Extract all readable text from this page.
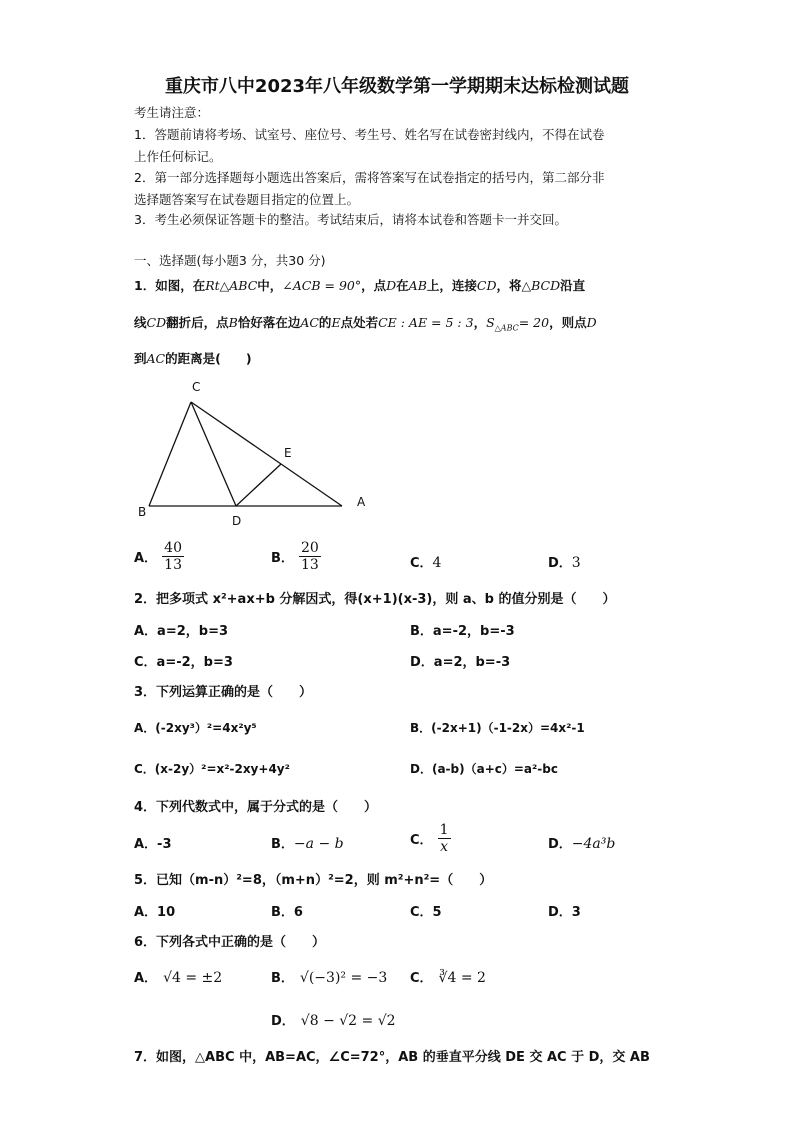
重庆市八中2023年八年级数学第一学期期末达标检测试题
考生请注意：
1．答题前请将考场、试室号、座位号、考生号、姓名写在试卷密封线内，不得在试卷
上作任何标记。
2．第一部分选择题每小题选出答案后，需将答案写在试卷指定的括号内，第二部分非
选择题答案写在试卷题目指定的位置上。
3．考生必须保证答题卡的整洁。考试结束后，请将本试卷和答题卡一并交回。
一、选择题(每小题3 分，共30 分)
1．如图，在Rt△ABC中，∠ACB = 90°，点D在AB上，连接CD，将△BCD沿直
线CD翻折后，点B恰好落在边AC的E点处若CE : AE = 5 : 3，$S_{\triangle ABC}= 20$，则点D
到AC的距离是(　　)
C
E
B
D
A
A． $\frac{40}{13}$	B． $\frac{20}{13}$	C．4	D．3
2．把多项式 x²+ax+b 分解因式，得(x+1)(x-3)，则 a、b 的值分别是（　　）
A．a=2，b=3	B．a=-2，b=-3
C．a=-2，b=3	D．a=2，b=-3
3．下列运算正确的是（　　）
A．(-2xy³）²=4x²y⁵	B．(-2x+1)（-1-2x）=4x²-1
C．(x-2y）²=x²-2xy+4y²	D．(a-b)（a+c）=a²-bc
4．下列代数式中，属于分式的是（　　）
A．-3	B．−a − b	C． $\frac{1}{x}$	D．−4a³b
5．已知（m-n）²=8，（m+n）²=2，则 m²+n²=（　　）
A．10	B．6	C．5	D．3
6．下列各式中正确的是（　　）
A． √4 = ±2	B． √(−3)² = −3 C． ∛4 = 2
D． √8 − √2 = √2
7．如图，△ABC 中，AB=AC，∠C=72°，AB 的垂直平分线 DE 交 AC 于 D，交 AB
